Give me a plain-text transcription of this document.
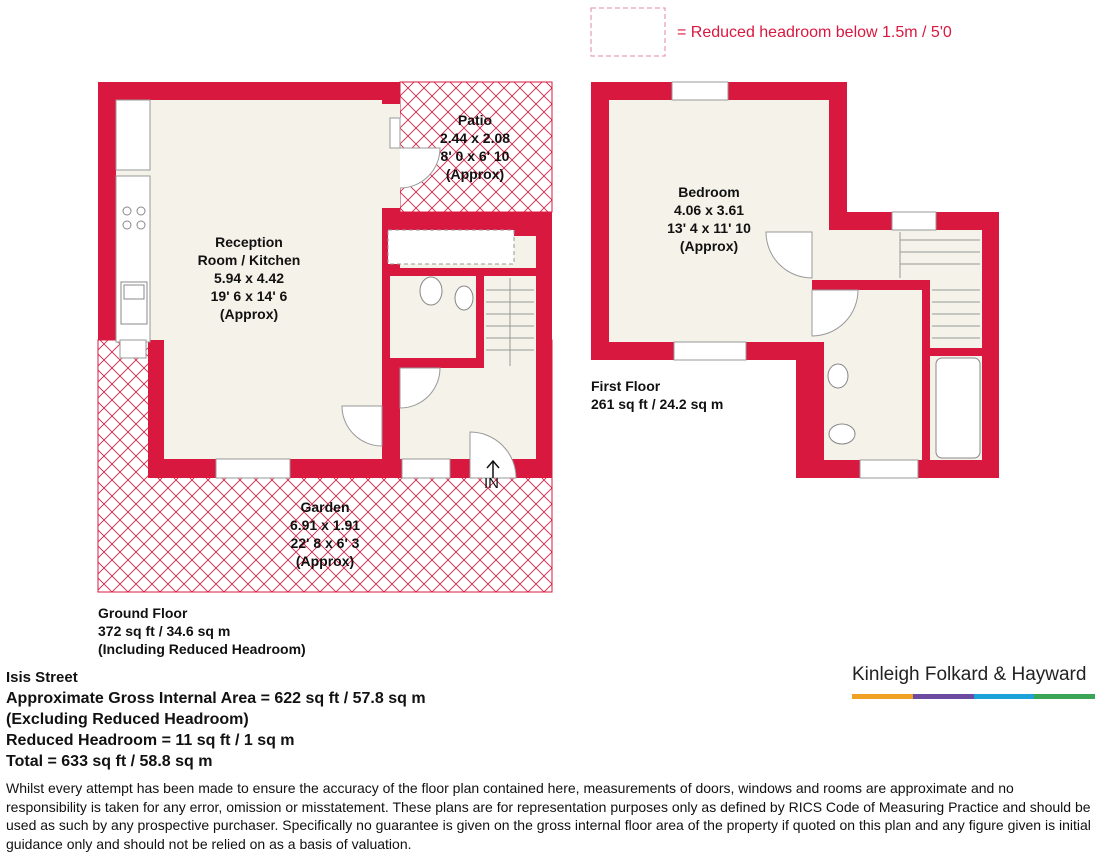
= Reduced headroom below 1.5m / 5'0
IN
Reception
Room / Kitchen
5.94 x 4.42
19' 6 x 14' 6
(Approx)
Patio
2.44 x 2.08
8' 0 x 6' 10
(Approx)
Garden
6.91 x 1.91
22' 8 x 6' 3
(Approx)
Bedroom
4.06 x 3.61
13' 4 x 11' 10
(Approx)
Ground Floor
372 sq ft / 34.6 sq m
(Including Reduced Headroom)
First Floor
261 sq ft / 24.2 sq m
Isis Street
Approximate Gross Internal Area = 622 sq ft / 57.8 sq m
(Excluding Reduced Headroom)
Reduced Headroom = 11 sq ft / 1 sq m
Total = 633 sq ft / 58.8 sq m
Kinleigh Folkard & Hayward
Whilst every attempt has been made to ensure the accuracy of the floor plan contained here, measurements of doors, windows and rooms are approximate and no responsibility is taken for any error, omission or misstatement. These plans are for representation purposes only as defined by RICS Code of Measuring Practice and should be used as such by any prospective purchaser. Specifically no guarantee is given on the gross internal floor area of the property if quoted on this plan and any figure given is initial guidance only and should not be relied on as a basis of valuation.
